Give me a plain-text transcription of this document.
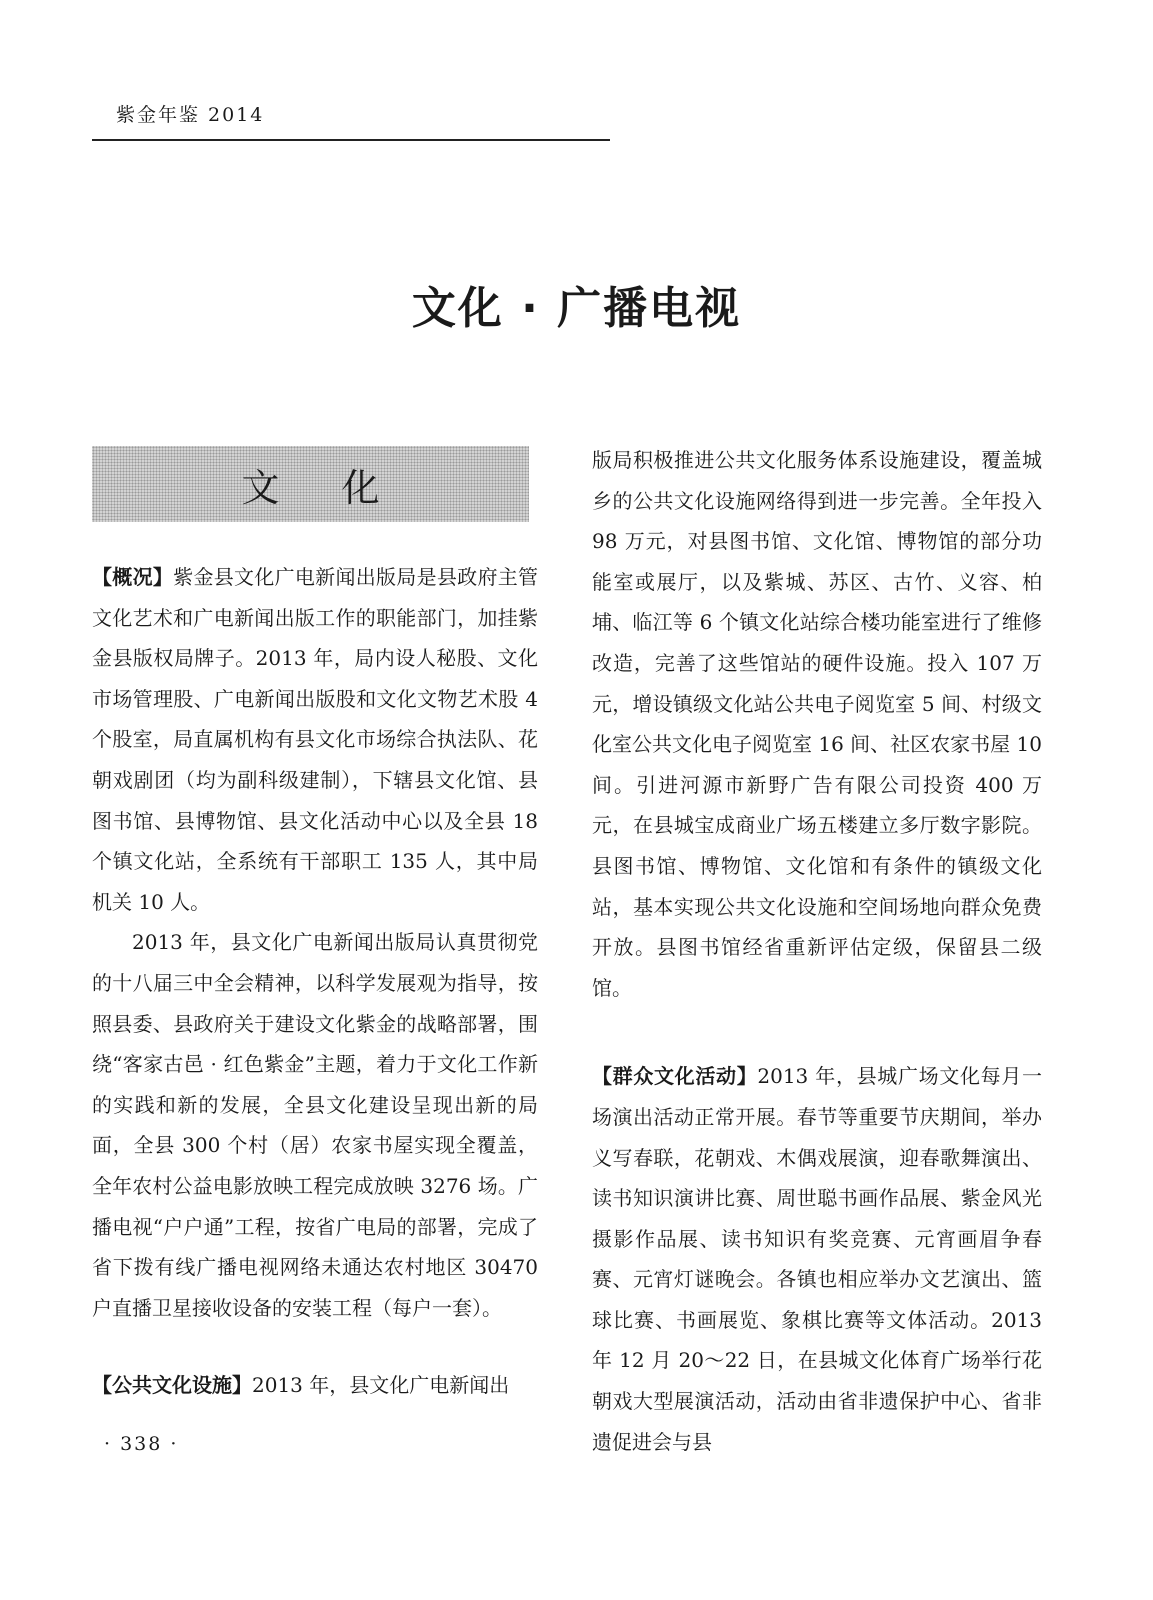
紫金年鉴 2014
文化 · 广播电视
文化

【概况】紫金县文化广电新闻出版局是县政府主管文化艺术和广电新闻出版工作的职能部门，加挂紫金县版权局牌子。2013 年，局内设人秘股、文化市场管理股、广电新闻出版股和文化文物艺术股 4 个股室，局直属机构有县文化市场综合执法队、花朝戏剧团（均为副科级建制），下辖县文化馆、县图书馆、县博物馆、县文化活动中心以及全县 18 个镇文化站，全系统有干部职工 135 人，其中局机关 10 人。

2013 年，县文化广电新闻出版局认真贯彻党的十八届三中全会精神，以科学发展观为指导，按照县委、县政府关于建设文化紫金的战略部署，围绕“客家古邑 · 红色紫金”主题，着力于文化工作新的实践和新的发展，全县文化建设呈现出新的局面，全县 300 个村（居）农家书屋实现全覆盖，全年农村公益电影放映工程完成放映 3276 场。广播电视“户户通”工程，按省广电局的部署，完成了省下拨有线广播电视网络未通达农村地区 30470 户直播卫星接收设备的安装工程（每户一套）。

【公共文化设施】2013 年，县文化广电新闻出

版局积极推进公共文化服务体系设施建设，覆盖城乡的公共文化设施网络得到进一步完善。全年投入 98 万元，对县图书馆、文化馆、博物馆的部分功能室或展厅，以及紫城、苏区、古竹、义容、柏埔、临江等 6 个镇文化站综合楼功能室进行了维修改造，完善了这些馆站的硬件设施。投入 107 万元，增设镇级文化站公共电子阅览室 5 间、村级文化室公共文化电子阅览室 16 间、社区农家书屋 10 间。引进河源市新野广告有限公司投资 400 万元，在县城宝成商业广场五楼建立多厅数字影院。县图书馆、博物馆、文化馆和有条件的镇级文化站，基本实现公共文化设施和空间场地向群众免费开放。县图书馆经省重新评估定级，保留县二级馆。

【群众文化活动】2013 年，县城广场文化每月一场演出活动正常开展。春节等重要节庆期间，举办义写春联，花朝戏、木偶戏展演，迎春歌舞演出、读书知识演讲比赛、周世聪书画作品展、紫金风光摄影作品展、读书知识有奖竞赛、元宵画眉争春赛、元宵灯谜晚会。各镇也相应举办文艺演出、篮球比赛、书画展览、象棋比赛等文体活动。2013 年 12 月 20～22 日，在县城文化体育广场举行花朝戏大型展演活动，活动由省非遗保护中心、省非遗促进会与县

· 338 ·
